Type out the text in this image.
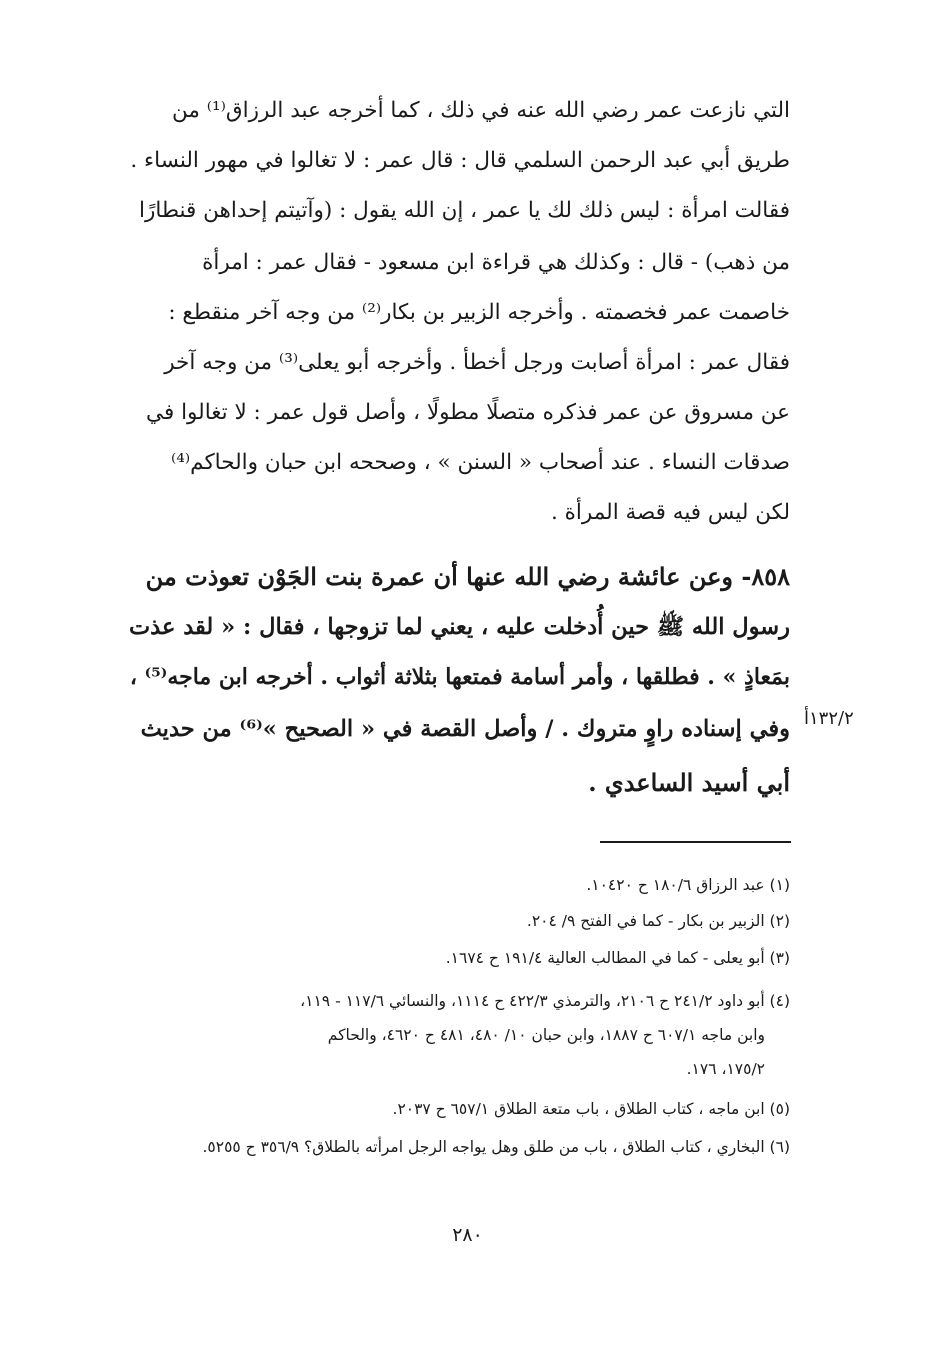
التي نازعت عمر رضي الله عنه في ذلك ، كما أخرجه عبد الرزاق⁽¹⁾ من
طريق أبي عبد الرحمن السلمي قال : قال عمر : لا تغالوا في مهور النساء .
فقالت امرأة : ليس ذلك لك يا عمر ، إن الله يقول : (وآتيتم إحداهن قنطارًا
من ذهب) - قال : وكذلك هي قراءة ابن مسعود - فقال عمر : امرأة
خاصمت عمر فخصمته . وأخرجه الزبير بن بكار⁽²⁾ من وجه آخر منقطع :
فقال عمر : امرأة أصابت ورجل أخطأ . وأخرجه أبو يعلى⁽³⁾ من وجه آخر
عن مسروق عن عمر فذكره متصلًا مطولًا ، وأصل قول عمر : لا تغالوا في
صدقات النساء . عند أصحاب « السنن » ، وصححه ابن حبان والحاكم⁽⁴⁾
لكن ليس فيه قصة المرأة .
٨٥٨- وعن عائشة رضي الله عنها أن عمرة بنت الجَوْن تعوذت من
رسول الله ﷺ حين أُدخلت عليه ، يعني لما تزوجها ، فقال : « لقد عذت
بمَعاذٍ » . فطلقها ، وأمر أسامة فمتعها بثلاثة أثواب . أخرجه ابن ماجه⁽⁵⁾ ،
وفي إسناده راوٍ متروك . / وأصل القصة في « الصحيح »⁽⁶⁾ من حديث
أبي أسيد الساعدي .
١٣٢/٢أ
(١) عبد الرزاق ١٨٠/٦ ح ١٠٤٢٠.
(٢) الزبير بن بكار - كما في الفتح ٩/ ٢٠٤.
(٣) أبو يعلى - كما في المطالب العالية ١٩١/٤ ح ١٦٧٤.
(٤) أبو داود ٢٤١/٢ ح ٢١٠٦، والترمذي ٤٢٢/٣ ح ١١١٤، والنسائي ١١٧/٦ - ١١٩،
وابن ماجه ٦٠٧/١ ح ١٨٨٧، وابن حبان ١٠/ ٤٨٠، ٤٨١ ح ٤٦٢٠، والحاكم
١٧٥/٢، ١٧٦.
(٥) ابن ماجه ، كتاب الطلاق ، باب متعة الطلاق ٦٥٧/١ ح ٢٠٣٧.
(٦) البخاري ، كتاب الطلاق ، باب من طلق وهل يواجه الرجل امرأته بالطلاق؟ ٣٥٦/٩ ح ٥٢٥٥.
٢٨٠
